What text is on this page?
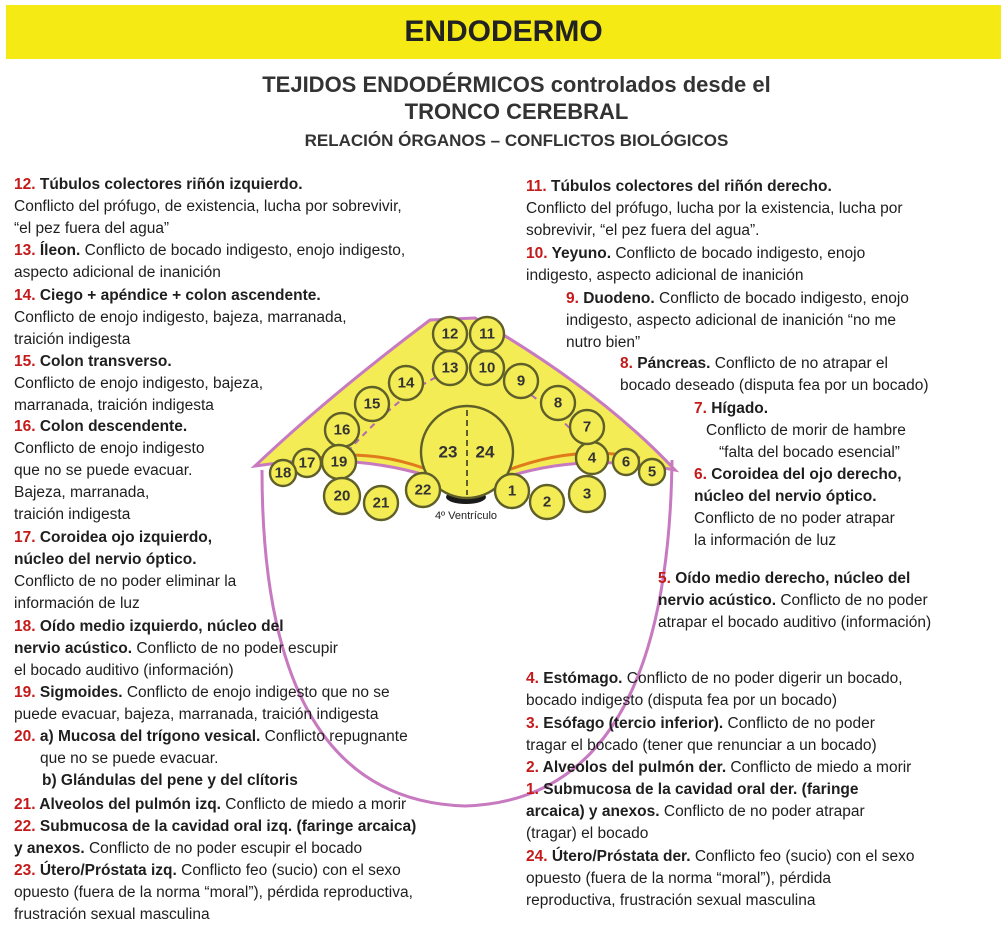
ENDODERMO
TEJIDOS ENDODÉRMICOS controlados desde el
TRONCO CEREBRAL
RELACIÓN ÓRGANOS – CONFLICTOS BIOLÓGICOS
4º Ventrículo
23 24
1
2 3
4
5
6
7
8
9
10
11
12
13
14
15
16
17
18
19
20 21
22
12. Túbulos colectores riñón izquierdo.
Conflicto del prófugo, de existencia, lucha por sobrevivir,
“el pez fuera del agua”
13. Íleon. Conflicto de bocado indigesto, enojo indigesto,
aspecto adicional de inanición
14. Ciego + apéndice + colon ascendente.
Conflicto de enojo indigesto, bajeza, marranada,
traición indigesta
15. Colon transverso.
Conflicto de enojo indigesto, bajeza,
marranada, traición indigesta
16. Colon descendente.
Conflicto de enojo indigesto
que no se puede evacuar.
Bajeza, marranada,
traición indigesta
17. Coroidea ojo izquierdo,
núcleo del nervio óptico.
Conflicto de no poder eliminar la
información de luz
18. Oído medio izquierdo, núcleo del
nervio acústico. Conflicto de no poder escupir
el bocado auditivo (información)
19. Sigmoides. Conflicto de enojo indigesto que no se
puede evacuar, bajeza, marranada, traición indigesta
20. a) Mucosa del trígono vesical. Conflicto repugnante
que no se puede evacuar.
b) Glándulas del pene y del clítoris
21. Alveolos del pulmón izq. Conflicto de miedo a morir
22. Submucosa de la cavidad oral izq. (faringe arcaica)
y anexos. Conflicto de no poder escupir el bocado
23. Útero/Próstata izq. Conflicto feo (sucio) con el sexo
opuesto (fuera de la norma “moral”), pérdida reproductiva,
frustración sexual masculina
11. Túbulos colectores del riñón derecho.
Conflicto del prófugo, lucha por la existencia, lucha por
sobrevivir, “el pez fuera del agua”.
10. Yeyuno. Conflicto de bocado indigesto, enojo
indigesto, aspecto adicional de inanición
9. Duodeno. Conflicto de bocado indigesto, enojo
indigesto, aspecto adicional de inanición “no me
nutro bien”
8. Páncreas. Conflicto de no atrapar el
bocado deseado (disputa fea por un bocado)
7. Hígado.
Conflicto de morir de hambre
“falta del bocado esencial”
6. Coroidea del ojo derecho,
núcleo del nervio óptico.
Conflicto de no poder atrapar
la información de luz
5. Oído medio derecho, núcleo del
nervio acústico. Conflicto de no poder
atrapar el bocado auditivo (información)
4. Estómago. Conflicto de no poder digerir un bocado,
bocado indigesto (disputa fea por un bocado)
3. Esófago (tercio inferior). Conflicto de no poder
tragar el bocado (tener que renunciar a un bocado)
2. Alveolos del pulmón der. Conflicto de miedo a morir
1. Submucosa de la cavidad oral der. (faringe
arcaica) y anexos. Conflicto de no poder atrapar
(tragar) el bocado
24. Útero/Próstata der. Conflicto feo (sucio) con el sexo
opuesto (fuera de la norma “moral”), pérdida
reproductiva, frustración sexual masculina
